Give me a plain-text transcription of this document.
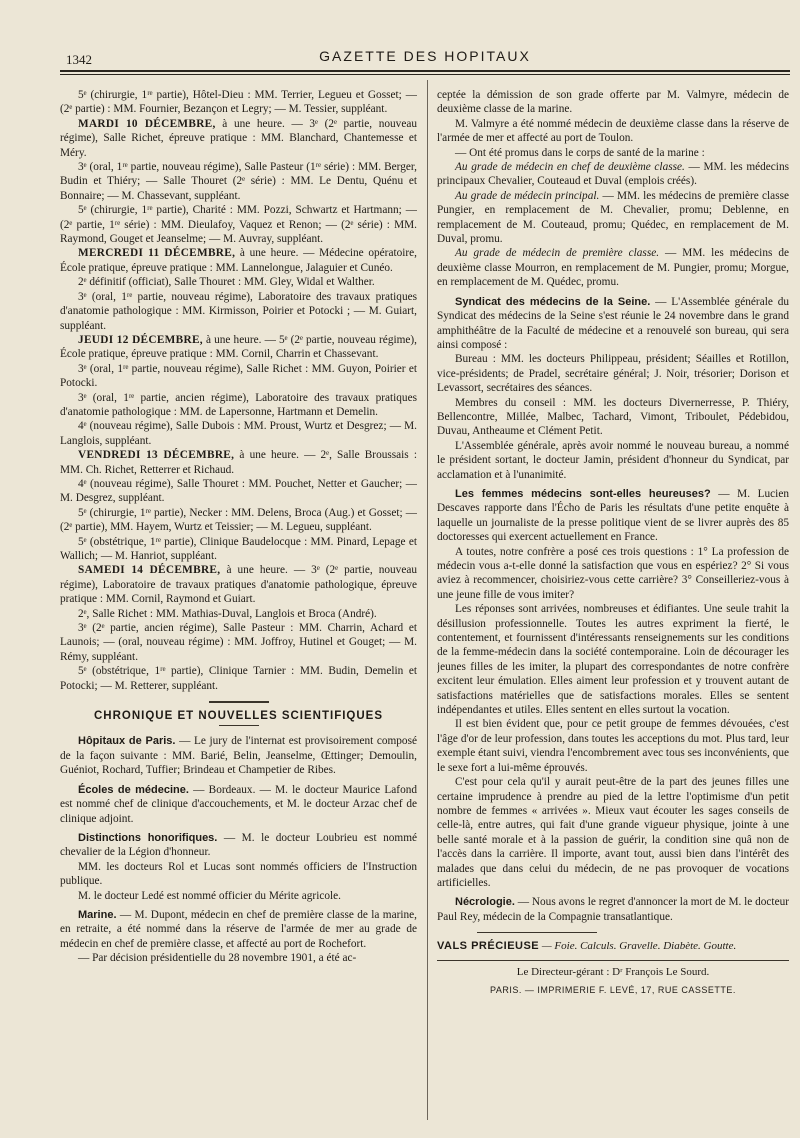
1342	GAZETTE DES HOPITAUX

5ᵉ (chirurgie, 1ʳᵉ partie), Hôtel-Dieu : MM. Terrier, Legueu et Gosset; — (2ᵉ partie) : MM. Fournier, Bezançon et Legry; — M. Tessier, suppléant.

MARDI 10 DÉCEMBRE, à une heure. — 3ᵉ (2ᵉ partie, nouveau régime), Salle Richet, épreuve pratique : MM. Blanchard, Chantemesse et Méry.

3ᵉ (oral, 1ʳᵉ partie, nouveau régime), Salle Pasteur (1ʳᵉ série) : MM. Berger, Budin et Thiéry; — Salle Thouret (2ᵉ série) : MM. Le Dentu, Quénu et Bonnaire; — M. Chassevant, suppléant.

5ᵉ (chirurgie, 1ʳᵉ partie), Charité : MM. Pozzi, Schwartz et Hartmann; — (2ᵉ partie, 1ʳᵉ série) : MM. Dieulafoy, Vaquez et Renon; — (2ᵉ série) : MM. Raymond, Gouget et Jeanselme; — M. Auvray, suppléant.

MERCREDI 11 DÉCEMBRE, à une heure. — Médecine opératoire, École pratique, épreuve pratique : MM. Lannelongue, Jalaguier et Cunéo.

2ᵉ définitif (officiat), Salle Thouret : MM. Gley, Widal et Walther.

3ᵉ (oral, 1ʳᵉ partie, nouveau régime), Laboratoire des travaux pratiques d'anatomie pathologique : MM. Kirmisson, Poirier et Potocki ; — M. Guiart, suppléant.

JEUDI 12 DÉCEMBRE, à une heure. — 5ᵉ (2ᵉ partie, nouveau régime), École pratique, épreuve pratique : MM. Cornil, Charrin et Chassevant.

3ᵉ (oral, 1ʳᵉ partie, nouveau régime), Salle Richet : MM. Guyon, Poirier et Potocki.

3ᵉ (oral, 1ʳᵉ partie, ancien régime), Laboratoire des travaux pratiques d'anatomie pathologique : MM. de Lapersonne, Hartmann et Demelin.

4ᵉ (nouveau régime), Salle Dubois : MM. Proust, Wurtz et Desgrez; — M. Langlois, suppléant.

VENDREDI 13 DÉCEMBRE, à une heure. — 2ᵉ, Salle Broussais : MM. Ch. Richet, Retterrer et Richaud.

4ᵉ (nouveau régime), Salle Thouret : MM. Pouchet, Netter et Gaucher; — M. Desgrez, suppléant.

5ᵉ (chirurgie, 1ʳᵉ partie), Necker : MM. Delens, Broca (Aug.) et Gosset; — (2ᵉ partie), MM. Hayem, Wurtz et Teissier; — M. Legueu, suppléant.

5ᵉ (obstétrique, 1ʳᵉ partie), Clinique Baudelocque : MM. Pinard, Lepage et Wallich; — M. Hanriot, suppléant.

SAMEDI 14 DÉCEMBRE, à une heure. — 3ᵉ (2ᵉ partie, nouveau régime), Laboratoire de travaux pratiques d'anatomie pathologique, épreuve pratique : MM. Cornil, Raymond et Guiart.

2ᵉ, Salle Richet : MM. Mathias-Duval, Langlois et Broca (André).

3ᵉ (2ᵉ partie, ancien régime), Salle Pasteur : MM. Charrin, Achard et Launois; — (oral, nouveau régime) : MM. Joffroy, Hutinel et Gouget; — M. Rémy, suppléant.

5ᵉ (obstétrique, 1ʳᵉ partie), Clinique Tarnier : MM. Budin, Demelin et Potocki; — M. Retterer, suppléant.

CHRONIQUE ET NOUVELLES SCIENTIFIQUES

Hôpitaux de Paris. — Le jury de l'internat est provisoirement composé de la façon suivante : MM. Barié, Belin, Jeanselme, Œttinger; Demoulin, Guéniot, Rochard, Tuffier; Brindeau et Champetier de Ribes.

Écoles de médecine. — Bordeaux. — M. le docteur Maurice Lafond est nommé chef de clinique d'accouchements, et M. le docteur Arzac chef de clinique adjoint.

Distinctions honorifiques. — M. le docteur Loubrieu est nommé chevalier de la Légion d'honneur.

MM. les docteurs Rol et Lucas sont nommés officiers de l'Instruction publique.

M. le docteur Ledé est nommé officier du Mérite agricole.

Marine. — M. Dupont, médecin en chef de première classe de la marine, en retraite, a été nommé dans la réserve de l'armée de mer au grade de médecin en chef de première classe, et affecté au port de Rochefort.

— Par décision présidentielle du 28 novembre 1901, a été ac-

ceptée la démission de son grade offerte par M. Valmyre, médecin de deuxième classe de la marine.

M. Valmyre a été nommé médecin de deuxième classe dans la réserve de l'armée de mer et affecté au port de Toulon.

— Ont été promus dans le corps de santé de la marine :

Au grade de médecin en chef de deuxième classe. — MM. les médecins principaux Chevalier, Couteaud et Duval (emplois créés).

Au grade de médecin principal. — MM. les médecins de première classe Pungier, en remplacement de M. Chevalier, promu; Deblenne, en remplacement de M. Couteaud, promu; Quédec, en remplacement de M. Duval, promu.

Au grade de médecin de première classe. — MM. les médecins de deuxième classe Mourron, en remplacement de M. Pungier, promu; Morgue, en remplacement de M. Quédec, promu.

Syndicat des médecins de la Seine. — L'Assemblée générale du Syndicat des médecins de la Seine s'est réunie le 24 novembre dans le grand amphithéâtre de la Faculté de médecine et a renouvelé son bureau, qui sera ainsi composé :

Bureau : MM. les docteurs Philippeau, président; Séailles et Rotillon, vice-présidents; de Pradel, secrétaire général; J. Noir, trésorier; Dorison et Levassort, secrétaires des séances.

Membres du conseil : MM. les docteurs Divernerresse, P. Thiéry, Bellencontre, Millée, Malbec, Tachard, Vimont, Triboulet, Pédebidou, Duvau, Antheaume et Clément Petit.

L'Assemblée générale, après avoir nommé le nouveau bureau, a nommé le président sortant, le docteur Jamin, président d'honneur du Syndicat, par acclamation et à l'unanimité.

Les femmes médecins sont-elles heureuses? — M. Lucien Descaves rapporte dans l'Écho de Paris les résultats d'une petite enquête à laquelle un journaliste de la presse politique vient de se livrer auprès des 85 doctoresses qui exercent actuellement en France.

A toutes, notre confrère a posé ces trois questions : 1° La profession de médecin vous a-t-elle donné la satisfaction que vous en espériez? 2° Si vous aviez à recommencer, choisiriez-vous cette carrière? 3° Conseilleriez-vous à une jeune fille de vous imiter?

Les réponses sont arrivées, nombreuses et édifiantes. Une seule trahit la désillusion professionnelle. Toutes les autres expriment la fierté, le contentement, et fournissent d'intéressants renseignements sur les conditions de la femme-médecin dans la société contemporaine. Loin de décourager les jeunes filles de les imiter, la plupart des correspondantes de notre confrère excitent leur émulation. Elles aiment leur profession et y trouvent autant de satisfactions matérielles que de satisfactions morales. Elles se sentent indépendantes et utiles. Elles sentent en elles surtout la vocation.

Il est bien évident que, pour ce petit groupe de femmes dévouées, c'est l'âge d'or de leur profession, dans toutes les acceptions du mot. Plus tard, leur exemple étant suivi, viendra l'encombrement avec tous ses inconvénients, que le sexe fort a lui-même éprouvés.

C'est pour cela qu'il y aurait peut-être de la part des jeunes filles une certaine imprudence à prendre au pied de la lettre l'optimisme d'un petit nombre de femmes « arrivées ». Mieux vaut écouter les sages conseils de celle-là, entre autres, qui fait d'une grande vigueur physique, jointe à une belle santé morale et à la passion de guérir, la condition sine quâ non de l'accès dans la carrière. Il importe, avant tout, aussi bien dans l'intérêt des malades que dans celui du médecin, de ne pas provoquer de vocations artificielles.

Nécrologie. — Nous avons le regret d'annoncer la mort de M. le docteur Paul Rey, médecin de la Compagnie transatlantique.

VALS PRÉCIEUSE — Foie. Calculs. Gravelle. Diabète. Goutte.
Le Directeur-gérant : Dʳ François Le Sourd.
PARIS. — IMPRIMERIE F. LEVÉ, 17, RUE CASSETTE.
